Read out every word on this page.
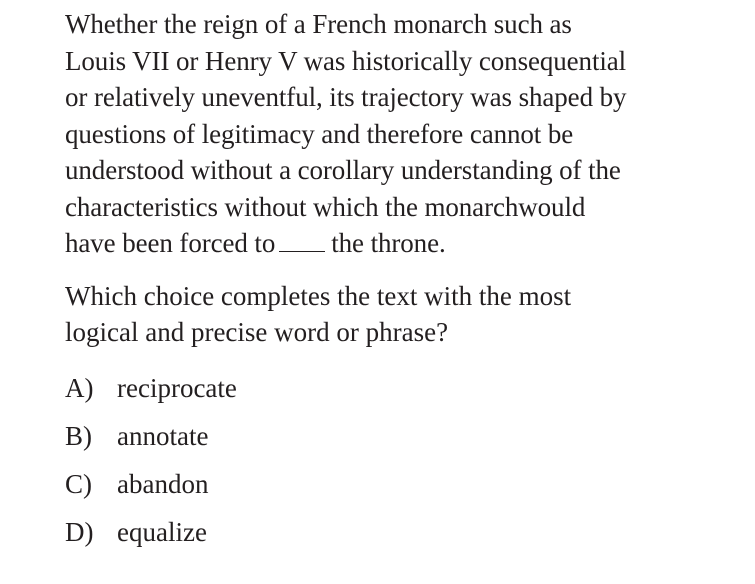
Whether the reign of a French monarch such as
Louis VII or Henry V was historically consequential
or relatively uneventful, its trajectory was shaped by
questions of legitimacy and therefore cannot be
understood without a corollary understanding of the
characteristics without which the monarchwould
have been forced to the throne.

Which choice completes the text with the most
logical and precise word or phrase?

A) reciprocate
B) annotate
C) abandon
D) equalize
